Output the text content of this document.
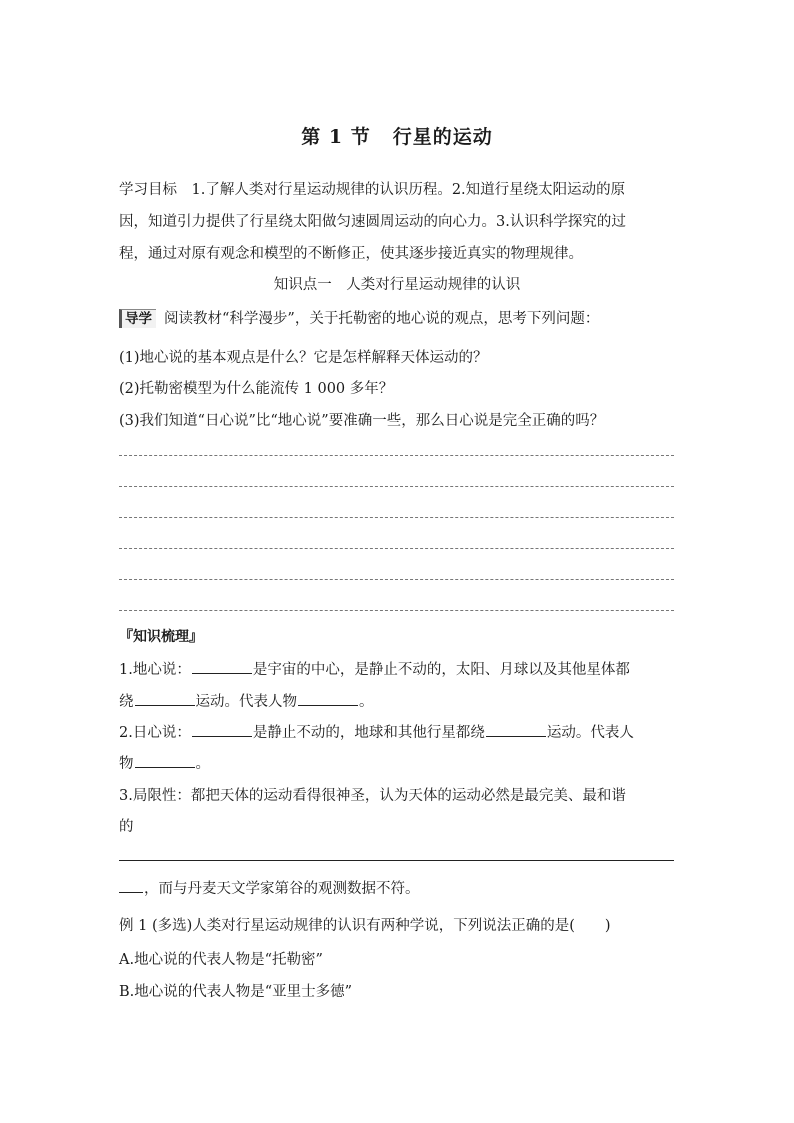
第 1 节 行星的运动
学习目标　1.了解人类对行星运动规律的认识历程。2.知道行星绕太阳运动的原
因，知道引力提供了行星绕太阳做匀速圆周运动的向心力。3.认识科学探究的过
程，通过对原有观念和模型的不断修正，使其逐步接近真实的物理规律。
知识点一　人类对行星运动规律的认识
导学 阅读教材“科学漫步”，关于托勒密的地心说的观点，思考下列问题：
(1)地心说的基本观点是什么？它是怎样解释天体运动的？
(2)托勒密模型为什么能流传 1 000 多年？
(3)我们知道“日心说”比“地心说”要准确一些，那么日心说是完全正确的吗？
『知识梳理』
1.地心说：	是宇宙的中心，是静止不动的，太阳、月球以及其他星体都
绕	运动。代表人物	。
2.日心说：	是静止不动的，地球和其他行星都绕	运动。代表人
物	。
3.局限性：都把天体的运动看得很神圣，认为天体的运动必然是最完美、最和谐
的
，而与丹麦天文学家第谷的观测数据不符。
例 1 (多选)人类对行星运动规律的认识有两种学说，下列说法正确的是( )
A.地心说的代表人物是“托勒密”
B.地心说的代表人物是“亚里士多德”
